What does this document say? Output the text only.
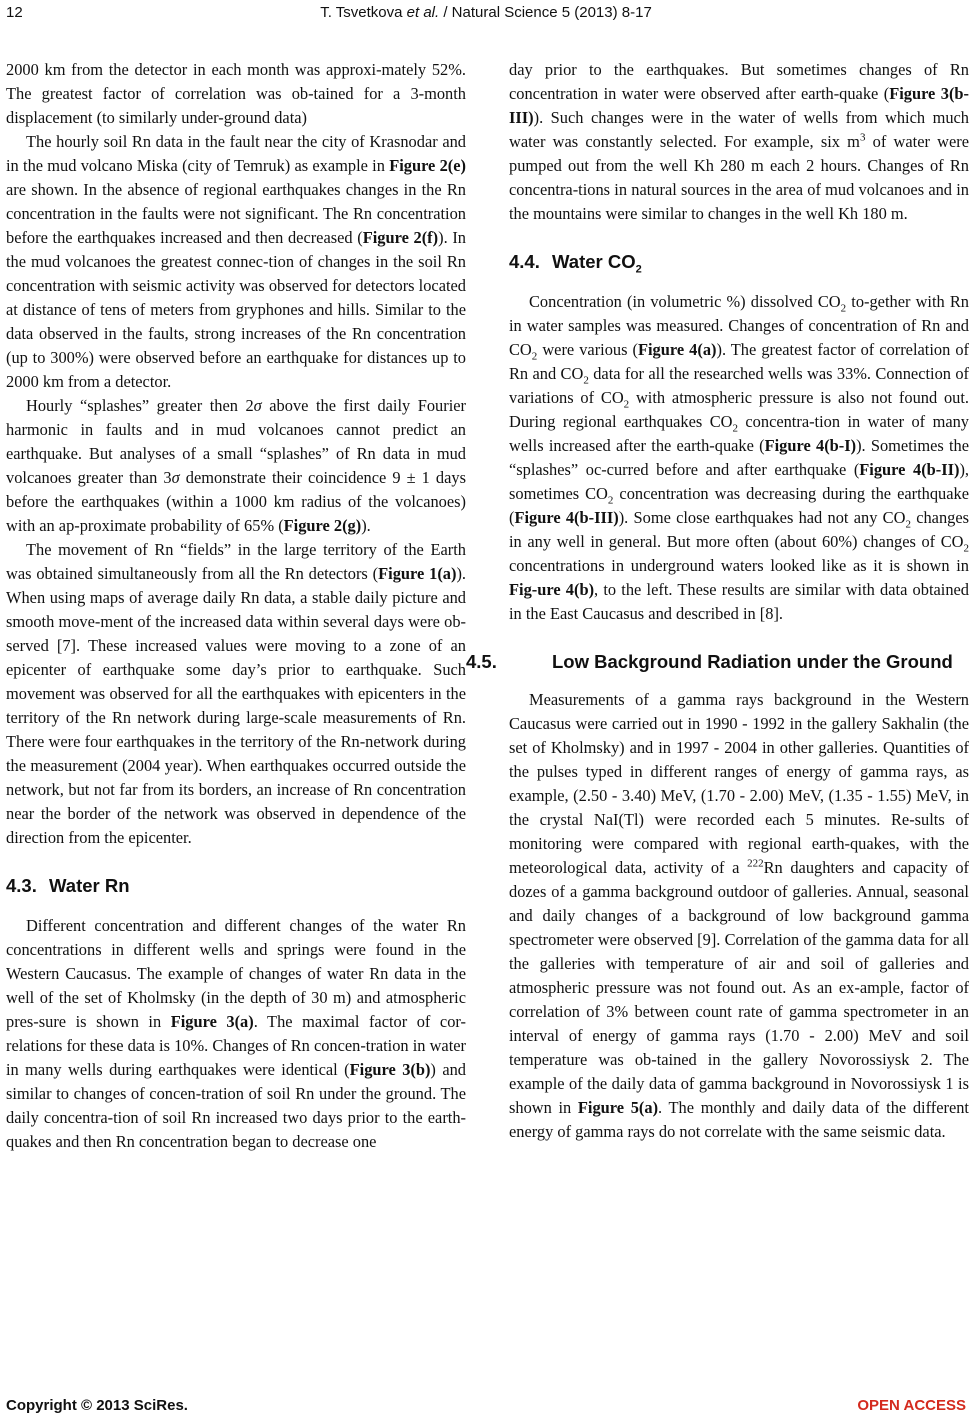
12	T. Tsvetkova et al. / Natural Science 5 (2013) 8-17

2000 km from the detector in each month was approxi-mately 52%. The greatest factor of correlation was ob-tained for a 3-month displacement (to similarly under-ground data)

The hourly soil Rn data in the fault near the city of Krasnodar and in the mud volcano Miska (city of Temruk) as example in Figure 2(e) are shown. In the absence of regional earthquakes changes in the Rn concentration in the faults were not significant. The Rn concentration before the earthquakes increased and then decreased (Figure 2(f)). In the mud volcanoes the greatest connec-tion of changes in the soil Rn concentration with seismic activity was observed for detectors located at distance of tens of meters from gryphones and hills. Similar to the data observed in the faults, strong increases of the Rn concentration (up to 300%) were observed before an earthquake for distances up to 2000 km from a detector.

Hourly “splashes” greater then 2σ above the first daily Fourier harmonic in faults and in mud volcanoes cannot predict an earthquake. But analyses of a small “splashes” of Rn data in mud volcanoes greater than 3σ demonstrate their coincidence 9 ± 1 days before the earthquakes (within a 1000 km radius of the volcanoes) with an ap-proximate probability of 65% (Figure 2(g)).

The movement of Rn “fields” in the large territory of the Earth was obtained simultaneously from all the Rn detectors (Figure 1(a)). When using maps of average daily Rn data, a stable daily picture and smooth move-ment of the increased data within several days were ob-served [7]. These increased values were moving to a zone of an epicenter of earthquake some day’s prior to earthquake. Such movement was observed for all the earthquakes with epicenters in the territory of the Rn network during large-scale measurements of Rn. There were four earthquakes in the territory of the Rn-network during the measurement (2004 year). When earthquakes occurred outside the network, but not far from its borders, an increase of Rn concentration near the border of the network was observed in dependence of the direction from the epicenter.

4.3. Water Rn

Different concentration and different changes of the water Rn concentrations in different wells and springs were found in the Western Caucasus. The example of changes of water Rn data in the well of the set of Kholmsky (in the depth of 30 m) and atmospheric pres-sure is shown in Figure 3(a). The maximal factor of cor-relations for these data is 10%. Changes of Rn concen-tration in water in many wells during earthquakes were identical (Figure 3(b)) and similar to changes of concen-tration of soil Rn under the ground. The daily concentra-tion of soil Rn increased two days prior to the earth-quakes and then Rn concentration began to decrease one

day prior to the earthquakes. But sometimes changes of Rn concentration in water were observed after earth-quake (Figure 3(b-III)). Such changes were in the water of wells from which much water was constantly selected. For example, six $m^3$ of water were pumped out from the well Kh 280 m each 2 hours. Changes of Rn concentra-tions in natural sources in the area of mud volcanoes and in the mountains were similar to changes in the well Kh 180 m.

4.4. Water $CO_2$

Concentration (in volumetric %) dissolved $CO_2$ to-gether with Rn in water samples was measured. Changes of concentration of Rn and $CO_2$ were various (Figure 4(a)). The greatest factor of correlation of Rn and $CO_2$ data for all the researched wells was 33%. Connection of variations of $CO_2$ with atmospheric pressure is also not found out. During regional earthquakes $CO_2$ concentra-tion in water of many wells increased after the earth-quake (Figure 4(b-I)). Sometimes the “splashes” oc-curred before and after earthquake (Figure 4(b-II)), sometimes $CO_2$ concentration was decreasing during the earthquake (Figure 4(b-III)). Some close earthquakes had not any $CO_2$ changes in any well in general. But more often (about 60%) changes of $CO_2$ concentrations in underground waters looked like as it is shown in Fig-ure 4(b), to the left. These results are similar with data obtained in the East Caucasus and described in [8].

4.5.	Low Background Radiation under the Ground

Measurements of a gamma rays background in the Western Caucasus were carried out in 1990 - 1992 in the gallery Sakhalin (the set of Kholmsky) and in 1997 - 2004 in other galleries. Quantities of the pulses typed in different ranges of energy of gamma rays, as example, (2.50 - 3.40) MeV, (1.70 - 2.00) MeV, (1.35 - 1.55) MeV, in the crystal NaI(Tl) were recorded each 5 minutes. Re-sults of monitoring were compared with regional earth-quakes, with the meteorological data, activity of a $^{222}$Rn daughters and capacity of dozes of a gamma background outdoor of galleries. Annual, seasonal and daily changes of a background of low background gamma spectrometer were observed [9]. Correlation of the gamma data for all the galleries with temperature of air and soil of galleries and atmospheric pressure was not found out. As an ex-ample, factor of correlation of 3% between count rate of gamma spectrometer in an interval of energy of gamma rays (1.70 - 2.00) MeV and soil temperature was ob-tained in the gallery Novorossiysk 2. The example of the daily data of gamma background in Novorossiysk 1 is shown in Figure 5(a). The monthly and daily data of the different energy of gamma rays do not correlate with the same seismic data.

Copyright © 2013 SciRes.	OPEN ACCESS
